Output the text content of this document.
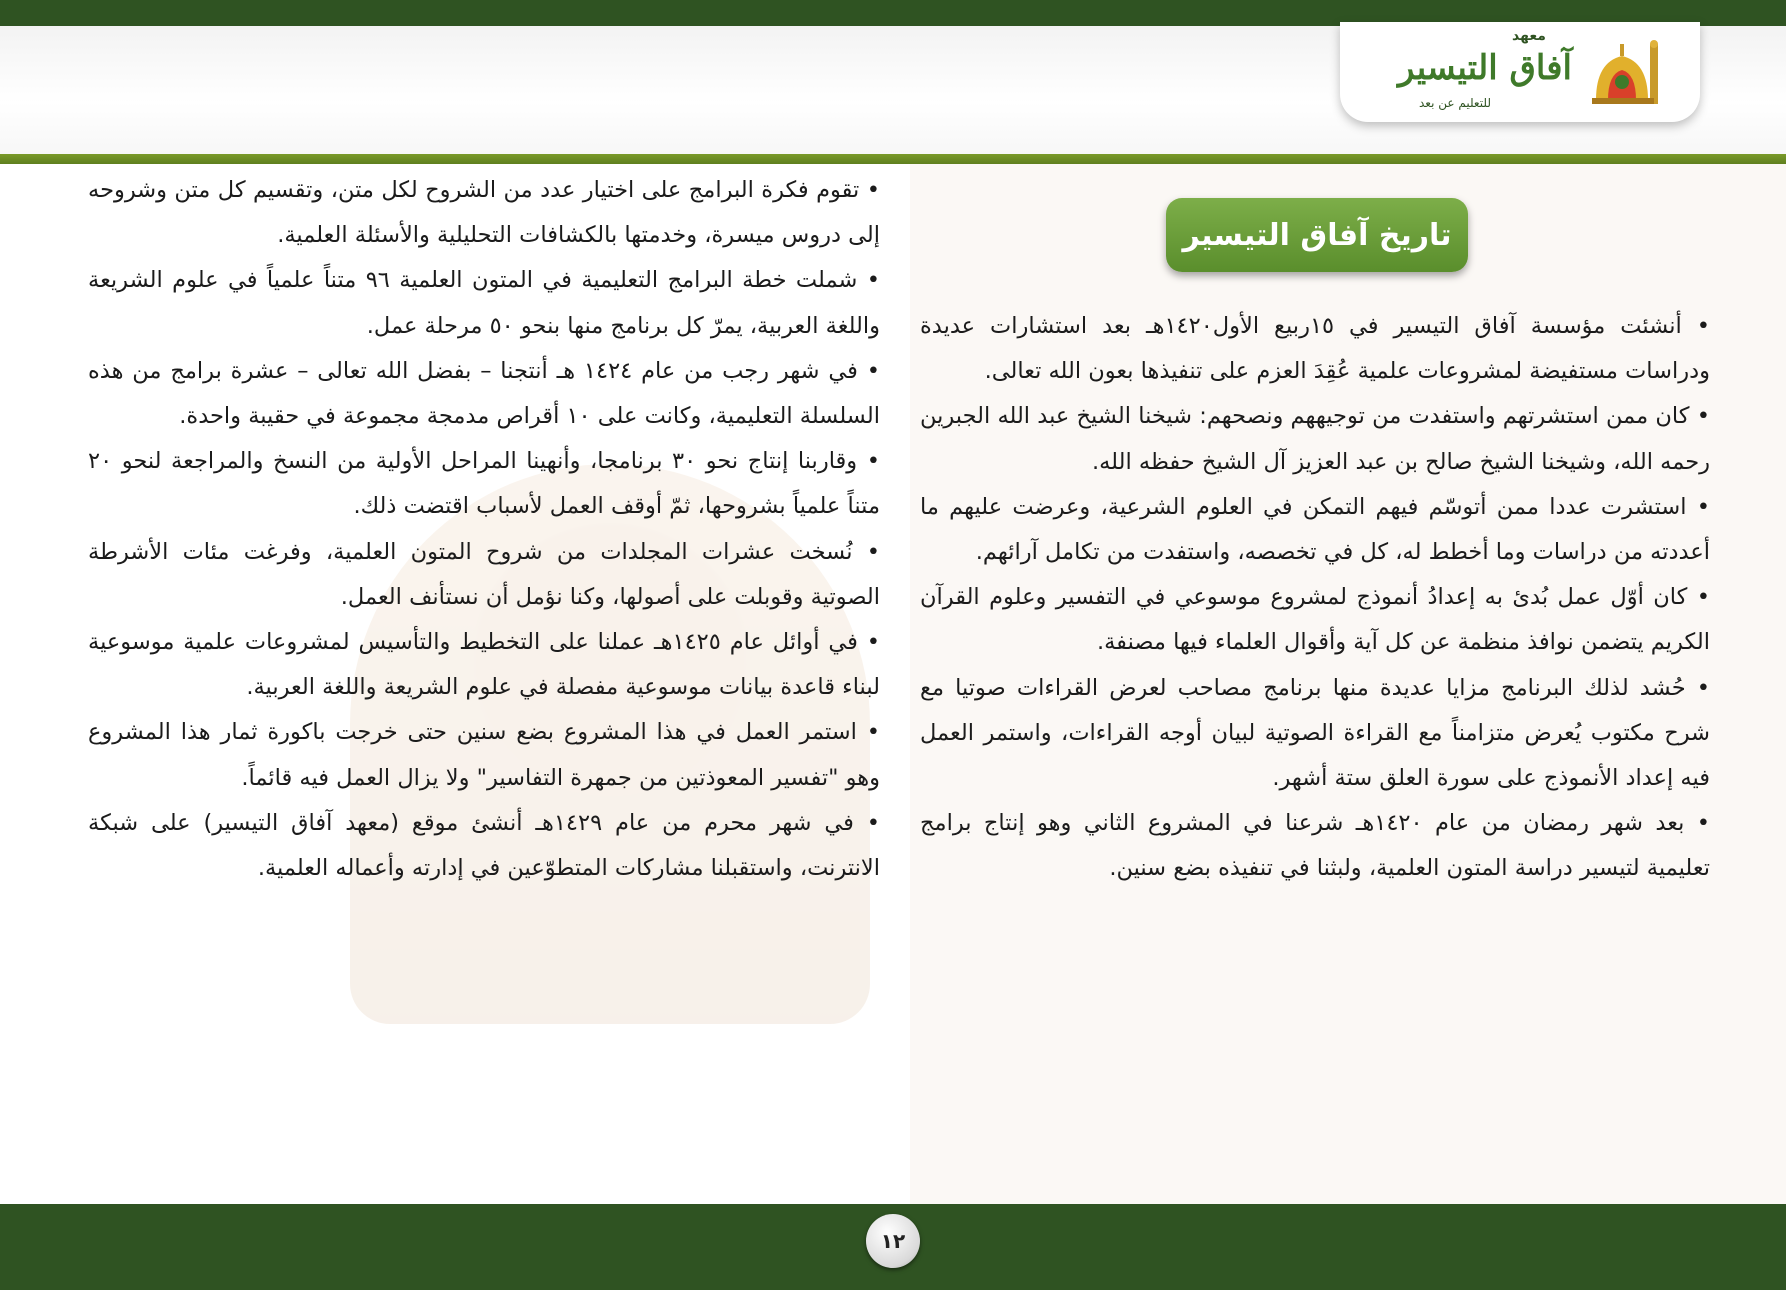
معهد
آفاق التيسير
للتعليم عن بعد
تاريخ آفاق التيسير

• تقوم فكرة البرامج على اختيار عدد من الشروح لكل متن، وتقسيم كل متن وشروحه إلى دروس ميسرة، وخدمتها بالكشافات التحليلية والأسئلة العلمية.

• شملت خطة البرامج التعليمية في المتون العلمية ٩٦ متناً علمياً في علوم الشريعة واللغة العربية، يمرّ كل برنامج منها بنحو ٥٠ مرحلة عمل.

• في شهر رجب من عام ١٤٢٤ هـ أنتجنا – بفضل الله تعالى – عشرة برامج من هذه السلسلة التعليمية، وكانت على ١٠ أقراص مدمجة مجموعة في حقيبة واحدة.

• وقاربنا إنتاج نحو ٣٠ برنامجا، وأنهينا المراحل الأولية من النسخ والمراجعة لنحو ٢٠ متناً علمياً بشروحها، ثمّ أوقف العمل لأسباب اقتضت ذلك.

• نُسخت عشرات المجلدات من شروح المتون العلمية، وفرغت مئات الأشرطة الصوتية وقوبلت على أصولها، وكنا نؤمل أن نستأنف العمل.

• في أوائل عام ١٤٢٥هـ عملنا على التخطيط والتأسيس لمشروعات علمية موسوعية لبناء قاعدة بيانات موسوعية مفصلة في علوم الشريعة واللغة العربية.

• استمر العمل في هذا المشروع بضع سنين حتى خرجت باكورة ثمار هذا المشروع وهو "تفسير المعوذتين من جمهرة التفاسير" ولا يزال العمل فيه قائماً.

• في شهر محرم من عام ١٤٢٩هـ أنشئ موقع (معهد آفاق التيسير) على شبكة الانترنت، واستقبلنا مشاركات المتطوّعين في إدارته وأعماله العلمية.

• أنشئت مؤسسة آفاق التيسير في ١٥ربيع الأول١٤٢٠هـ بعد استشارات عديدة ودراسات مستفيضة لمشروعات علمية عُقِدَ العزم على تنفيذها بعون الله تعالى.

• كان ممن استشرتهم واستفدت من توجيههم ونصحهم: شيخنا الشيخ عبد الله الجبرين رحمه الله، وشيخنا الشيخ صالح بن عبد العزيز آل الشيخ حفظه الله.

• استشرت عددا ممن أتوسّم فيهم التمكن في العلوم الشرعية، وعرضت عليهم ما أعددته من دراسات وما أخطط له، كل في تخصصه، واستفدت من تكامل آرائهم.

• كان أوّل عمل بُدئ به إعدادُ أنموذج لمشروع موسوعي في التفسير وعلوم القرآن الكريم يتضمن نوافذ منظمة عن كل آية وأقوال العلماء فيها مصنفة.

• حُشد لذلك البرنامج مزايا عديدة منها برنامج مصاحب لعرض القراءات صوتيا مع شرح مكتوب يُعرض متزامناً مع القراءة الصوتية لبيان أوجه القراءات، واستمر العمل فيه إعداد الأنموذج على سورة العلق ستة أشهر.

• بعد شهر رمضان من عام ١٤٢٠هـ شرعنا في المشروع الثاني وهو إنتاج برامج تعليمية لتيسير دراسة المتون العلمية، ولبثنا في تنفيذه بضع سنين.

١٢
